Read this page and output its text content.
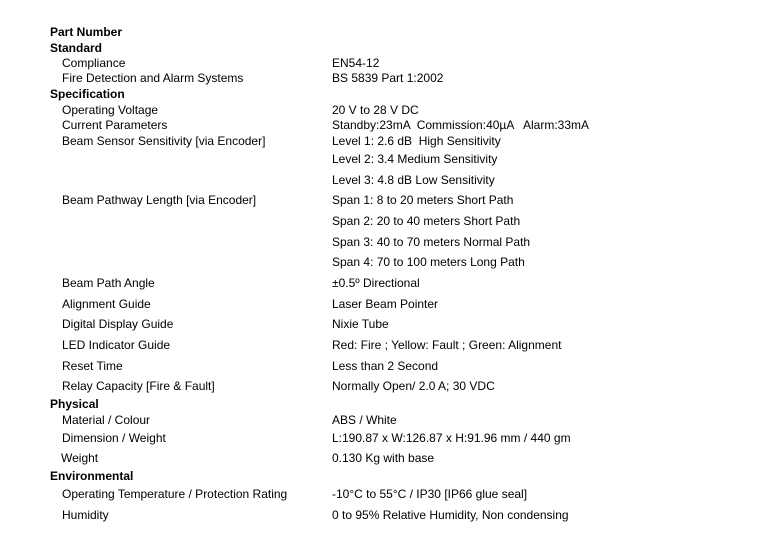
Part Number
Standard
Compliance	EN54-12
Fire Detection and Alarm Systems	BS 5839 Part 1:2002
Specification
Operating Voltage	20 V to 28 V DC
Current Parameters	Standby:23mA  Commission:40µA   Alarm:33mA
Beam Sensor Sensitivity [via Encoder]	Level 1: 2.6 dB  High Sensitivity
Level 2: 3.4 Medium Sensitivity
Level 3: 4.8 dB Low Sensitivity
Beam Pathway Length [via Encoder]	Span 1: 8 to 20 meters Short Path
Span 2: 20 to 40 meters Short Path
Span 3: 40 to 70 meters Normal Path
Span 4: 70 to 100 meters Long Path
Beam Path Angle	±0.5º Directional
Alignment Guide	Laser Beam Pointer
Digital Display Guide	Nixie Tube
LED Indicator Guide	Red: Fire ; Yellow: Fault ; Green: Alignment
Reset Time	Less than 2 Second
Relay Capacity [Fire & Fault]	Normally Open/ 2.0 A; 30 VDC
Physical
Material / Colour	ABS / White
Dimension / Weight	L:190.87 x W:126.87 x H:91.96 mm / 440 gm
Weight	0.130 Kg with base
Environmental
Operating Temperature / Protection Rating	-10°C to 55°C / IP30 [IP66 glue seal]
Humidity	0 to 95% Relative Humidity, Non condensing
